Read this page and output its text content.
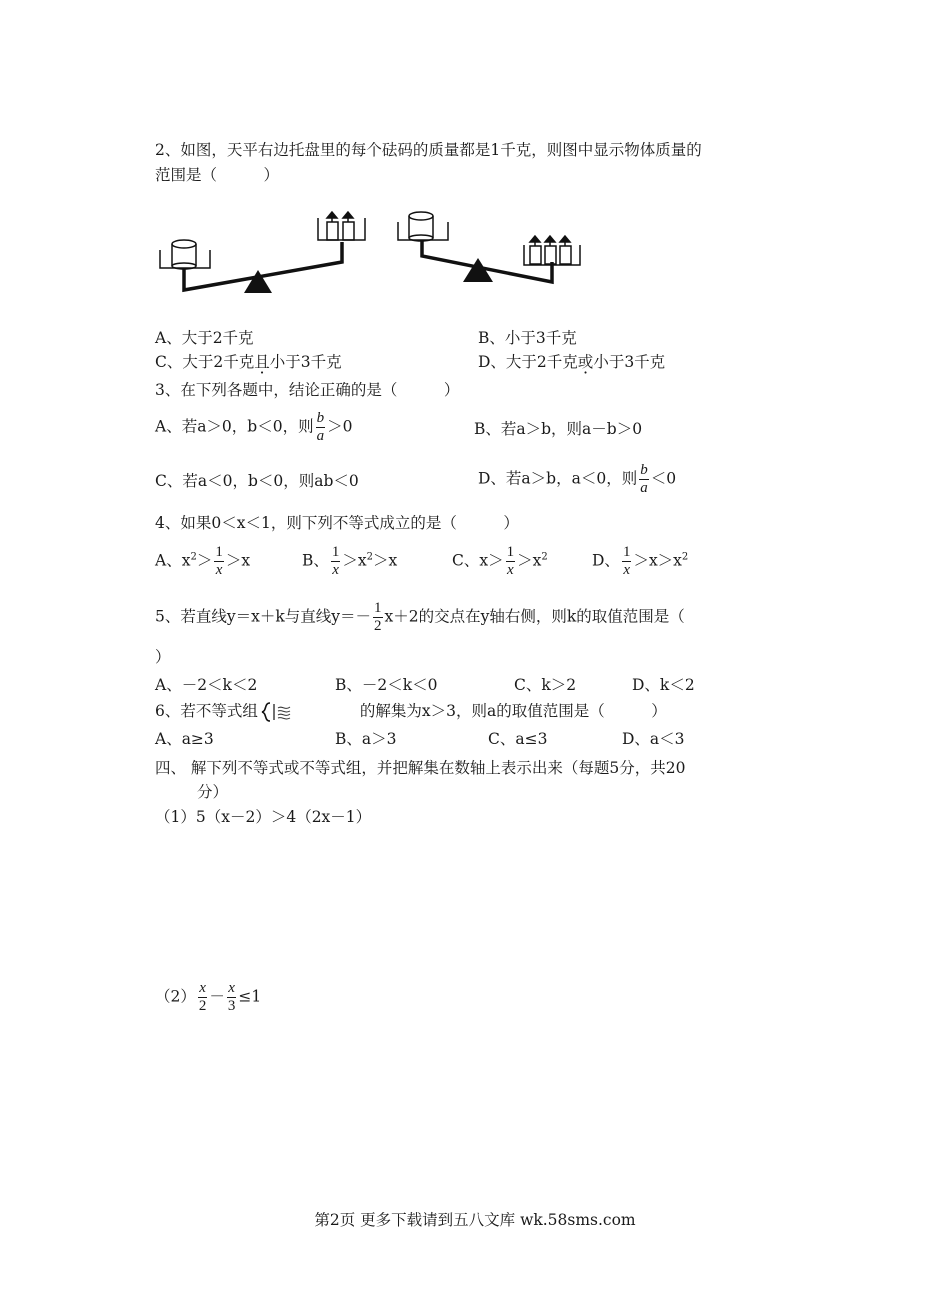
2、如图，天平右边托盘里的每个砝码的质量都是1千克，则图中显示物体质量的
范围是（　　　）
A、大于2千克	B、小于3千克
C、大于2千克且小于3千克	D、大于2千克或小于3千克
3、在下列各题中，结论正确的是（　　　）
A、若a＞0，b＜0，则 $\frac{b}{a} >0$	B、若a＞b，则a－b＞0
C、若a＜0，b＜0，则ab＜0	D、若a＞b，a＜0，则 $\frac{b}{a} <0$
4、如果0＜x＜1，则下列不等式成立的是（　　　）
A、$x^2> \frac{1}{x} >x$	B、 $\frac{1}{x} >x^2>x$	C、$x> \frac{1}{x} >x^2$	D、 $\frac{1}{x} >x>x^2$
5、若直线y＝x＋k与直线$y=- \frac{1}{2} x+2$的交点在y轴右侧，则k的取值范围是（
）
A、－2＜k＜2	B、－2＜k＜0	C、k＞2	D、k＜2
6、若不等式组	的解集为x＞3，则a的取值范围是（　　　）
A、a≥3	B、a＞3	C、a≤3	D、a＜3
四、 解下列不等式或不等式组，并把解集在数轴上表示出来（每题5分，共20
分）
（1）5（x－2）＞4（2x－1）
$(2) \frac{x}{2} - \frac{x}{3} \le 1$
第2页 更多下载请到五八文库 wk.58sms.com
